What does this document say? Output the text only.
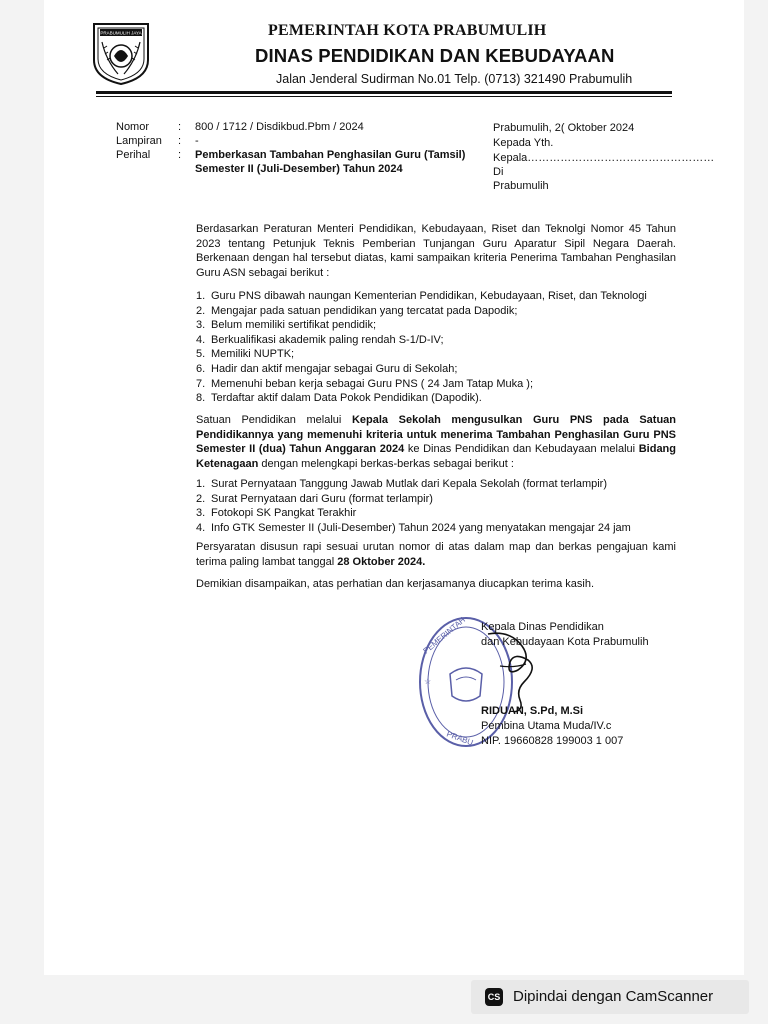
PRABUMULIH JAYA	PEMERINTAH KOTA PRABUMULIH
DINAS PENDIDIKAN DAN KEBUDAYAAN
Jalan Jenderal Sudirman No.01 Telp. (0713) 321490 Prabumulih
Nomor	: 800 / 1712 / Disdikbud.Pbm / 2024
Lampiran	: -
Perihal	: Pemberkasan Tambahan Penghasilan Guru (Tamsil)
Semester II (Juli-Desember) Tahun 2024
Prabumulih, 2( Oktober 2024
Kepada Yth.
Kepala……………………………………………
Di
Prabumulih
Berdasarkan Peraturan Menteri Pendidikan, Kebudayaan, Riset dan Teknolgi Nomor 45 Tahun 2023 tentang Petunjuk Teknis Pemberian Tunjangan Guru Aparatur Sipil Negara Daerah. Berkenaan dengan hal tersebut diatas, kami sampaikan kriteria Penerima Tambahan Penghasilan Guru ASN sebagai berikut :
1. Guru PNS dibawah naungan Kementerian Pendidikan, Kebudayaan, Riset, dan Teknologi
2. Mengajar pada satuan pendidikan yang tercatat pada Dapodik;
3. Belum memiliki sertifikat pendidik;
4. Berkualifikasi akademik paling rendah S-1/D-IV;
5. Memiliki NUPTK;
6. Hadir dan aktif mengajar sebagai Guru di Sekolah;
7. Memenuhi beban kerja sebagai Guru PNS ( 24 Jam Tatap Muka );
8. Terdaftar aktif dalam Data Pokok Pendidikan (Dapodik).
Satuan Pendidikan melalui Kepala Sekolah mengusulkan Guru PNS pada Satuan Pendidikannya yang memenuhi kriteria untuk menerima Tambahan Penghasilan Guru PNS Semester II (dua) Tahun Anggaran 2024 ke Dinas Pendidikan dan Kebudayaan melalui Bidang Ketenagaan dengan melengkapi berkas-berkas sebagai berikut :
1. Surat Pernyataan Tanggung Jawab Mutlak dari Kepala Sekolah (format terlampir)
2. Surat Pernyataan dari Guru (format terlampir)
3. Fotokopi SK Pangkat Terakhir
4. Info GTK Semester II (Juli-Desember) Tahun 2024 yang menyatakan mengajar 24 jam
Persyaratan disusun rapi sesuai urutan nomor di atas dalam map dan berkas pengajuan kami terima paling lambat tanggal 28 Oktober 2024.
Demikian disampaikan, atas perhatian dan kerjasamanya diucapkan terima kasih.
PEMERINTAH
PRABU
☆
Kepala Dinas Pendidikan
dan Kebudayaan Kota Prabumulih
RIDUAN, S.Pd, M.Si
Pembina Utama Muda/IV.c
NIP. 19660828 199003 1 007
CS Dipindai dengan CamScanner
